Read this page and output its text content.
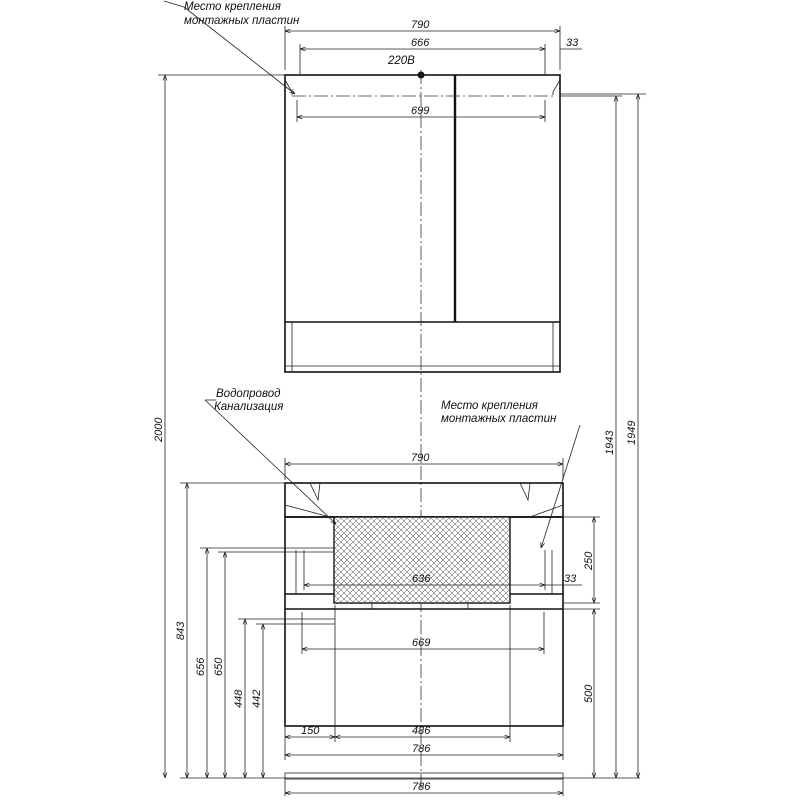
220В
790
666	33
699
Место крепления
монтажных пластин
Водопровод
Канализация	Место крепления
монтажных пластин
790
636	33
669
150	486
786
786
2000
843
656 650
448 442
250
500
1943 1949
